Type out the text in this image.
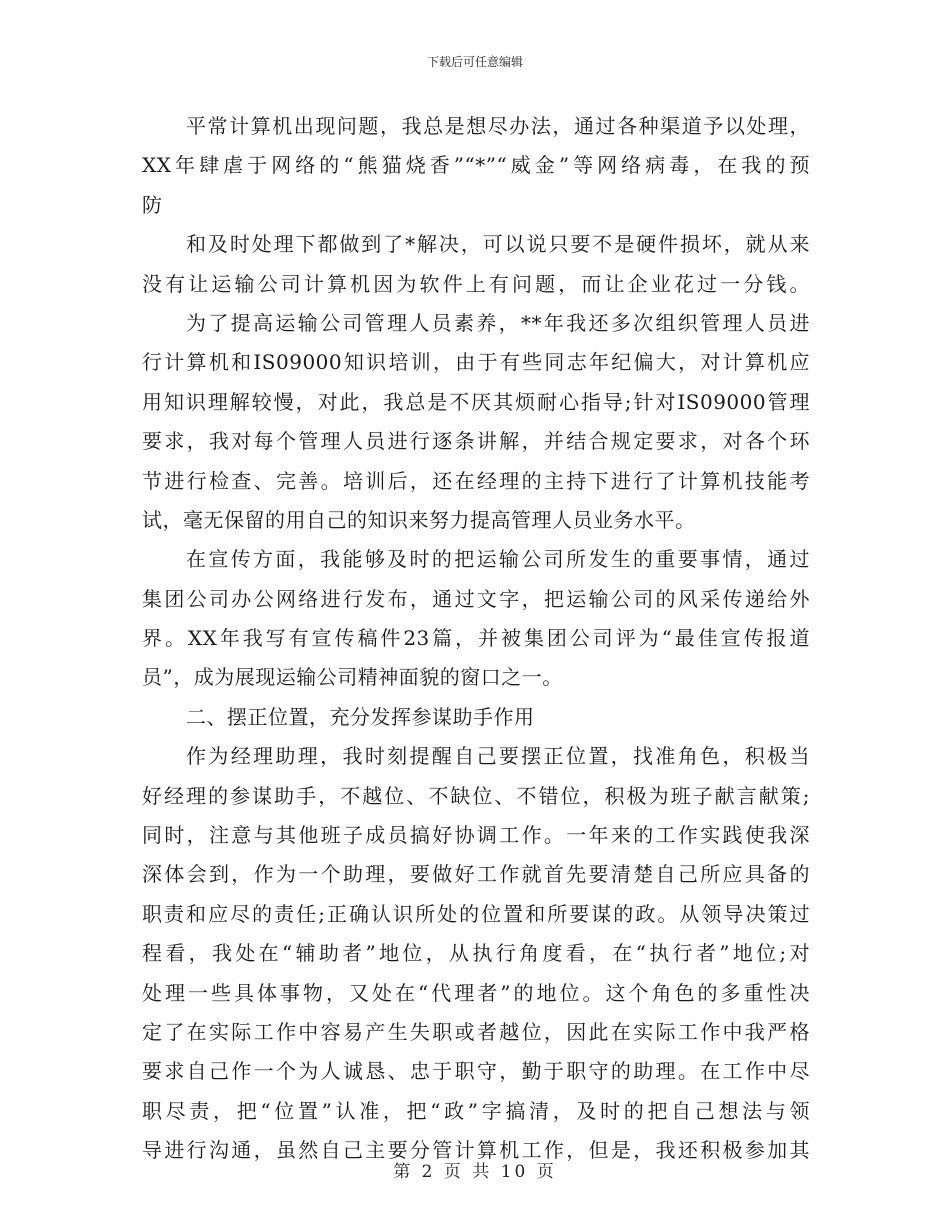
下载后可任意编辑
平常计算机出现问题，我总是想尽办法，通过各种渠道予以处理，
XX年肆虐于网络的“熊猫烧香”“*”“威金”等网络病毒，在我的预
防
和及时处理下都做到了*解决，可以说只要不是硬件损坏，就从来
没有让运输公司计算机因为软件上有问题，而让企业花过一分钱。
为了提高运输公司管理人员素养，**年我还多次组织管理人员进
行计算机和IS09000知识培训，由于有些同志年纪偏大，对计算机应
用知识理解较慢，对此，我总是不厌其烦耐心指导;针对IS09000管理
要求，我对每个管理人员进行逐条讲解，并结合规定要求，对各个环
节进行检查、完善。培训后，还在经理的主持下进行了计算机技能考
试，毫无保留的用自己的知识来努力提高管理人员业务水平。
在宣传方面，我能够及时的把运输公司所发生的重要事情，通过
集团公司办公网络进行发布，通过文字，把运输公司的风采传递给外
界。XX年我写有宣传稿件23篇，并被集团公司评为“最佳宣传报道
员”，成为展现运输公司精神面貌的窗口之一。
二、摆正位置，充分发挥参谋助手作用
作为经理助理，我时刻提醒自己要摆正位置，找准角色，积极当
好经理的参谋助手，不越位、不缺位、不错位，积极为班子献言献策;
同时，注意与其他班子成员搞好协调工作。一年来的工作实践使我深
深体会到，作为一个助理，要做好工作就首先要清楚自己所应具备的
职责和应尽的责任;正确认识所处的位置和所要谋的政。从领导决策过
程看，我处在“辅助者”地位，从执行角度看，在“执行者”地位;对
处理一些具体事物，又处在“代理者”的地位。这个角色的多重性决
定了在实际工作中容易产生失职或者越位，因此在实际工作中我严格
要求自己作一个为人诚恳、忠于职守，勤于职守的助理。在工作中尽
职尽责，把“位置”认准，把“政”字搞清，及时的把自己想法与领
导进行沟通，虽然自己主要分管计算机工作，但是，我还积极参加其
第 2 页 共 10 页
